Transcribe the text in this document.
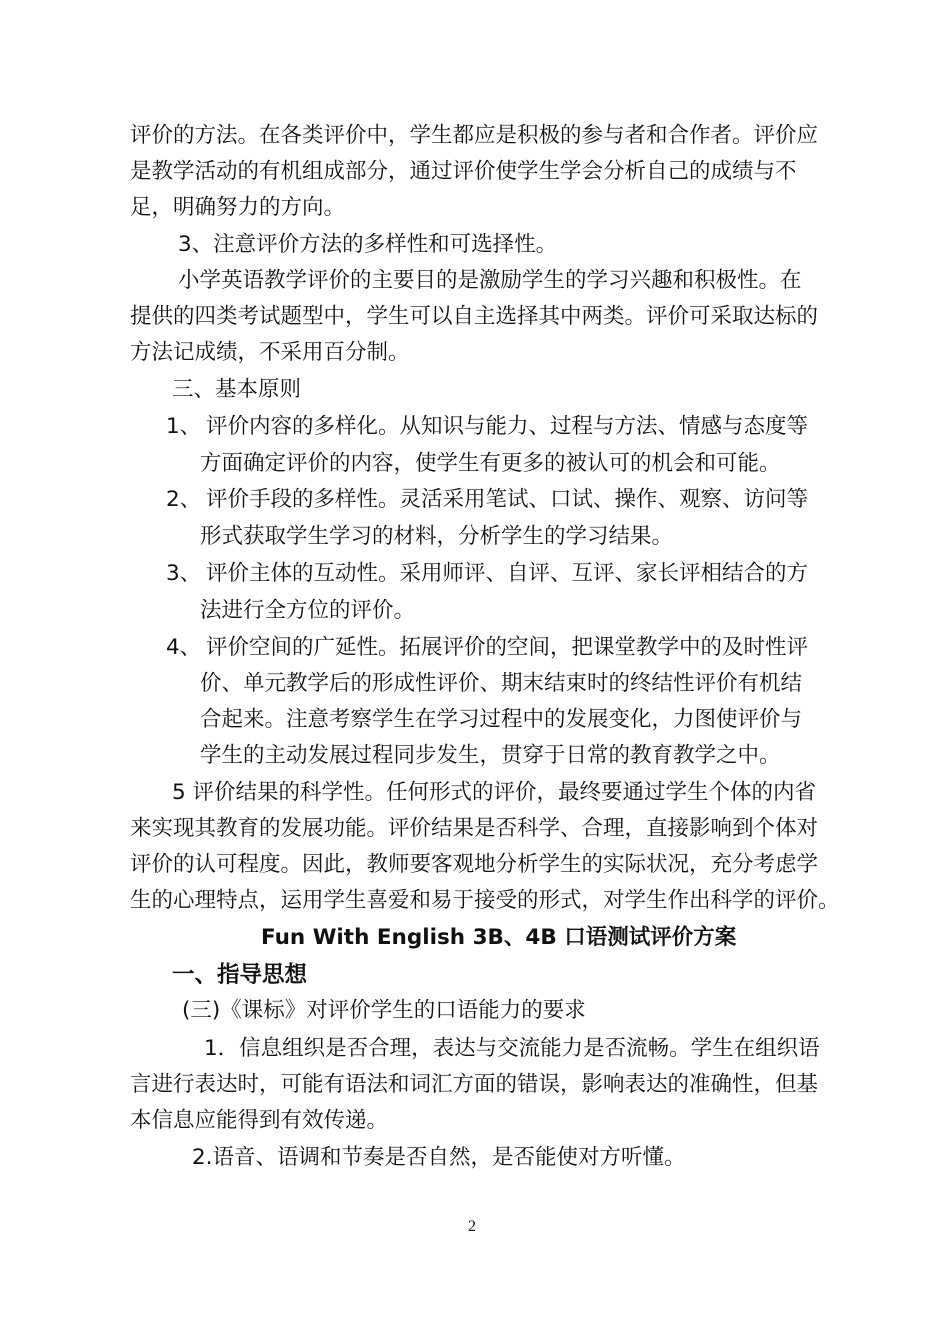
评价的方法。在各类评价中，学生都应是积极的参与者和合作者。评价应
是教学活动的有机组成部分，通过评价使学生学会分析自己的成绩与不
足，明确努力的方向。
3、注意评价方法的多样性和可选择性。
小学英语教学评价的主要目的是激励学生的学习兴趣和积极性。在
提供的四类考试题型中，学生可以自主选择其中两类。评价可采取达标的
方法记成绩，不采用百分制。
三、基本原则
1、 评价内容的多样化。从知识与能力、过程与方法、情感与态度等
方面确定评价的内容，使学生有更多的被认可的机会和可能。
2、 评价手段的多样性。灵活采用笔试、口试、操作、观察、访问等
形式获取学生学习的材料，分析学生的学习结果。
3、 评价主体的互动性。采用师评、自评、互评、家长评相结合的方
法进行全方位的评价。
4、 评价空间的广延性。拓展评价的空间，把课堂教学中的及时性评
价、单元教学后的形成性评价、期末结束时的终结性评价有机结
合起来。注意考察学生在学习过程中的发展变化，力图使评价与
学生的主动发展过程同步发生，贯穿于日常的教育教学之中。
5 评价结果的科学性。任何形式的评价，最终要通过学生个体的内省
来实现其教育的发展功能。评价结果是否科学、合理，直接影响到个体对
评价的认可程度。因此，教师要客观地分析学生的实际状况，充分考虑学
生的心理特点，运用学生喜爱和易于接受的形式，对学生作出科学的评价。
Fun With English 3B、4B 口语测试评价方案
一、指导思想
(三)《课标》对评价学生的口语能力的要求
1．信息组织是否合理，表达与交流能力是否流畅。学生在组织语
言进行表达时，可能有语法和词汇方面的错误，影响表达的准确性，但基
本信息应能得到有效传递。
2.语音、语调和节奏是否自然，是否能使对方听懂。
2
